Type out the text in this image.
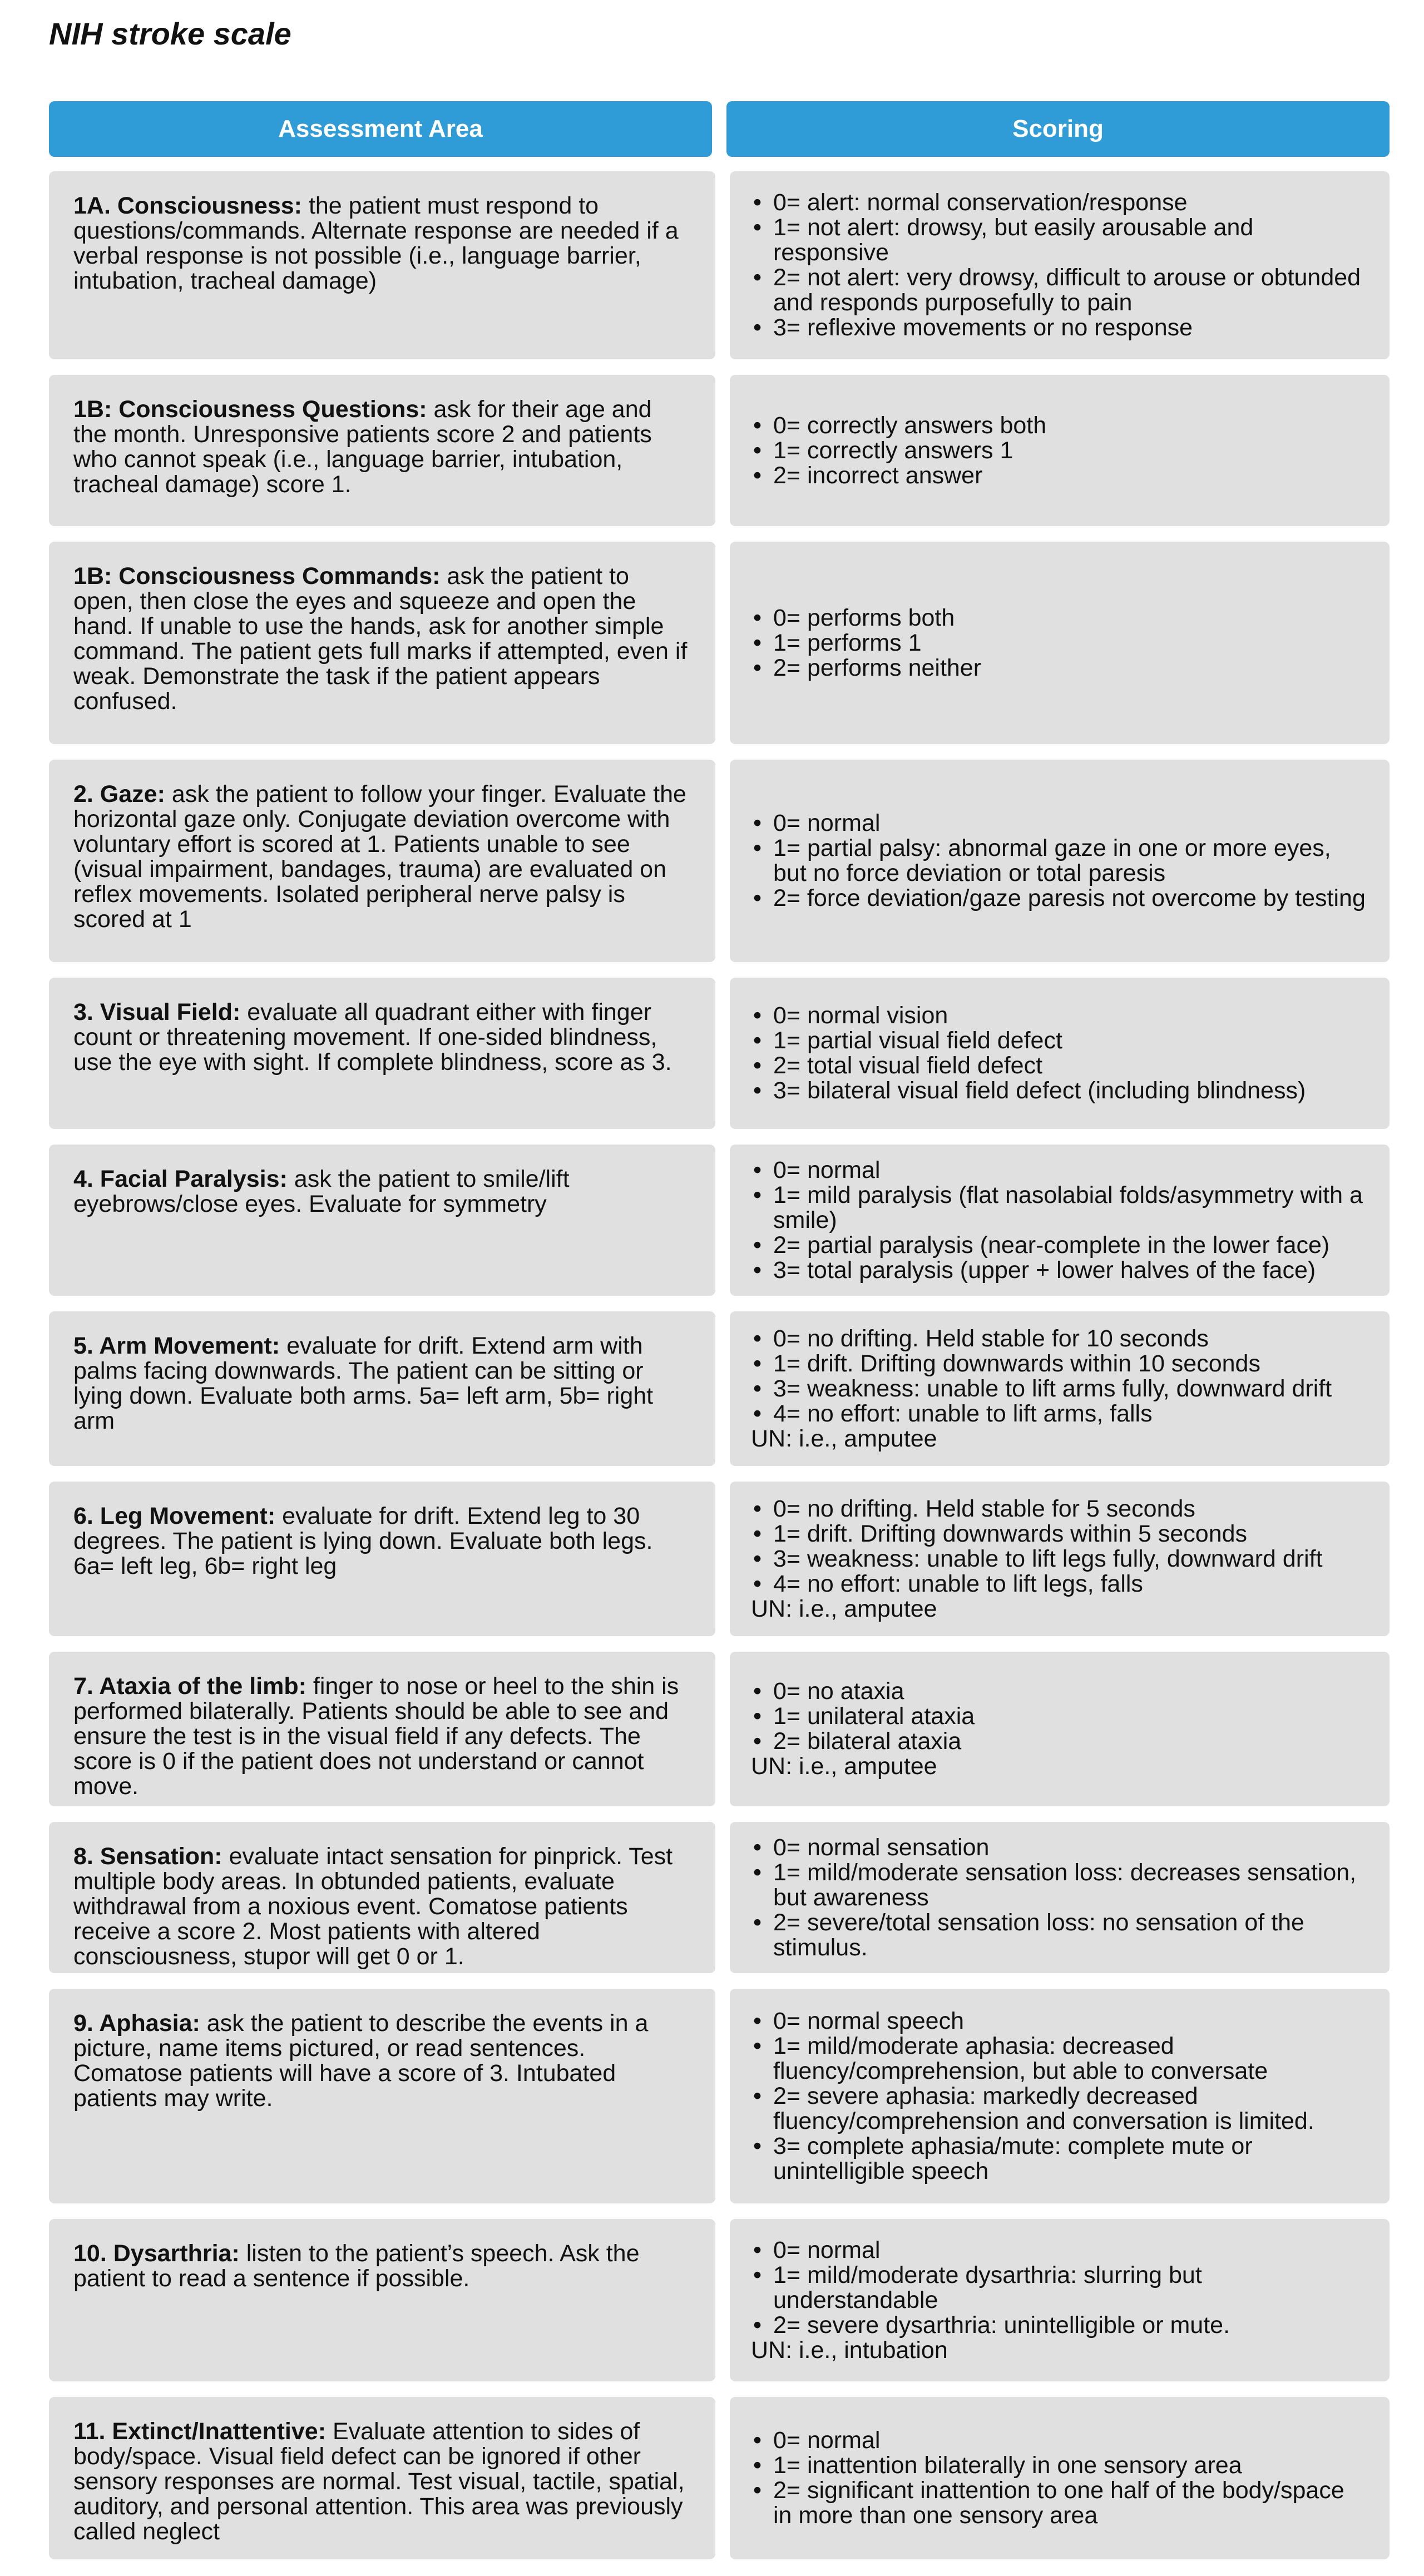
NIH stroke scale
Assessment Area	Scoring
1A. Consciousness: the patient must respond to questions/commands. Alternate response are needed if a verbal response is not possible (i.e., language barrier, intubation, tracheal damage)
• 0= alert: normal conservation/response
• 1= not alert: drowsy, but easily arousable and responsive
• 2= not alert: very drowsy, difficult to arouse or obtunded and responds purposefully to pain
• 3= reflexive movements or no response
1B: Consciousness Questions: ask for their age and the month. Unresponsive patients score 2 and patients who cannot speak (i.e., language barrier, intubation, tracheal damage) score 1.
• 0= correctly answers both
• 1= correctly answers 1
• 2= incorrect answer
1B: Consciousness Commands: ask the patient to open, then close the eyes and squeeze and open the hand. If unable to use the hands, ask for another simple command. The patient gets full marks if attempted, even if weak. Demonstrate the task if the patient appears confused.
• 0= performs both
• 1= performs 1
• 2= performs neither
2. Gaze: ask the patient to follow your finger. Evaluate the horizontal gaze only. Conjugate deviation overcome with voluntary effort is scored at 1. Patients unable to see (visual impairment, bandages, trauma) are evaluated on reflex movements. Isolated peripheral nerve palsy is scored at 1
• 0= normal
• 1= partial palsy: abnormal gaze in one or more eyes, but no force deviation or total paresis
• 2= force deviation/gaze paresis not overcome by testing
3. Visual Field: evaluate all quadrant either with finger count or threatening movement. If one-sided blindness, use the eye with sight. If complete blindness, score as 3.
• 0= normal vision
• 1= partial visual field defect
• 2= total visual field defect
• 3= bilateral visual field defect (including blindness)
4. Facial Paralysis: ask the patient to smile/lift eyebrows/close eyes. Evaluate for symmetry
• 0= normal
• 1= mild paralysis (flat nasolabial folds/asymmetry with a smile)
• 2= partial paralysis (near-complete in the lower face)
• 3= total paralysis (upper + lower halves of the face)
5. Arm Movement: evaluate for drift. Extend arm with palms facing downwards. The patient can be sitting or lying down. Evaluate both arms. 5a= left arm, 5b= right arm
• 0= no drifting. Held stable for 10 seconds
• 1= drift. Drifting downwards within 10 seconds
• 3= weakness: unable to lift arms fully, downward drift
• 4= no effort: unable to lift arms, falls
UN: i.e., amputee
6. Leg Movement: evaluate for drift. Extend leg to 30 degrees. The patient is lying down. Evaluate both legs. 6a= left leg, 6b= right leg
• 0= no drifting. Held stable for 5 seconds
• 1= drift. Drifting downwards within 5 seconds
• 3= weakness: unable to lift legs fully, downward drift
• 4= no effort: unable to lift legs, falls
UN: i.e., amputee
7. Ataxia of the limb: finger to nose or heel to the shin is performed bilaterally. Patients should be able to see and ensure the test is in the visual field if any defects. The score is 0 if the patient does not understand or cannot move.
• 0= no ataxia
• 1= unilateral ataxia
• 2= bilateral ataxia
UN: i.e., amputee
8. Sensation: evaluate intact sensation for pinprick. Test multiple body areas. In obtunded patients, evaluate withdrawal from a noxious event. Comatose patients receive a score 2. Most patients with altered consciousness, stupor will get 0 or 1.
• 0= normal sensation
• 1= mild/moderate sensation loss: decreases sensation, but awareness
• 2= severe/total sensation loss: no sensation of the stimulus.
9. Aphasia: ask the patient to describe the events in a picture, name items pictured, or read sentences. Comatose patients will have a score of 3. Intubated patients may write.
• 0= normal speech
• 1= mild/moderate aphasia: decreased fluency/comprehension, but able to conversate
• 2= severe aphasia: markedly decreased fluency/comprehension and conversation is limited.
• 3= complete aphasia/mute: complete mute or unintelligible speech
10. Dysarthria: listen to the patient’s speech. Ask the patient to read a sentence if possible.
• 0= normal
• 1= mild/moderate dysarthria: slurring but understandable
• 2= severe dysarthria: unintelligible or mute.
UN: i.e., intubation
11. Extinct/Inattentive: Evaluate attention to sides of body/space. Visual field defect can be ignored if other sensory responses are normal. Test visual, tactile, spatial, auditory, and personal attention. This area was previously called neglect
• 0= normal
• 1= inattention bilaterally in one sensory area
• 2= significant inattention to one half of the body/space in more than one sensory area
